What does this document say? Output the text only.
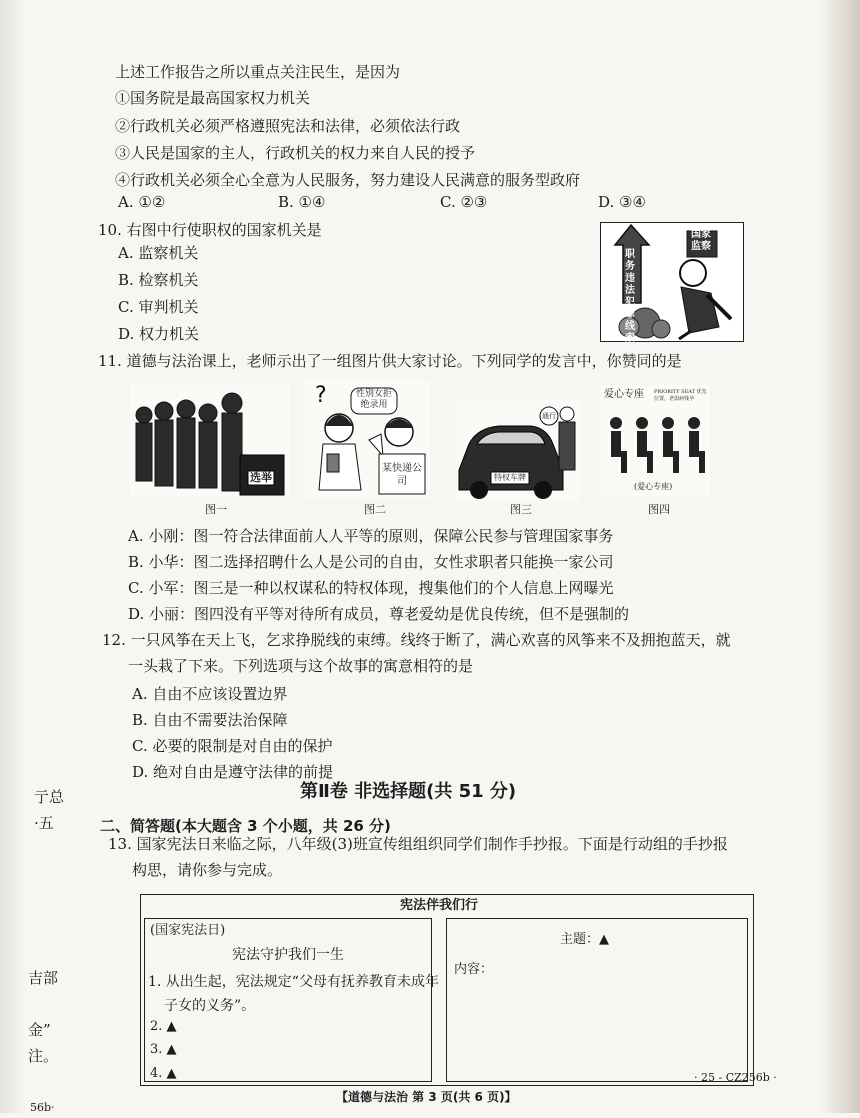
上述工作报告之所以重点关注民生，是因为
①国务院是最高国家权力机关
②行政机关必须严格遵照宪法和法律，必须依法行政
③人民是国家的主人，行政机关的权力来自人民的授予
④行政机关必须全心全意为人民服务，努力建设人民满意的服务型政府
A. ①②	B. ①④	C. ②③	D. ③④
10. 右图中行使职权的国家机关是
A. 监察机关
B. 检察机关
C. 审判机关
D. 权力机关
职务违法犯罪线索
国家监察
11. 道德与法治课上，老师示出了一组图片供大家讨论。下列同学的发言中，你赞同的是
选举
?	性别女拒绝录用
某快递公司	特权车牌
通行
爱心专座 PRIORITY SEAT 优先位置，老弱病残孕
(爱心专座)
图一	图二	图三	图四
A. 小刚：图一符合法律面前人人平等的原则，保障公民参与管理国家事务
B. 小华：图二选择招聘什么人是公司的自由，女性求职者只能换一家公司
C. 小军：图三是一种以权谋私的特权体现，搜集他们的个人信息上网曝光
D. 小丽：图四没有平等对待所有成员，尊老爱幼是优良传统，但不是强制的
12. 一只风筝在天上飞，乞求挣脱线的束缚。线终于断了，满心欢喜的风筝来不及拥抱蓝天，就
一头栽了下来。下列选项与这个故事的寓意相符的是
A. 自由不应该设置边界
B. 自由不需要法治保障
C. 必要的限制是对自由的保护
D. 绝对自由是遵守法律的前提
第Ⅱ卷 非选择题(共 51 分)
二、简答题(本大题含 3 个小题，共 26 分)
13. 国家宪法日来临之际，八年级(3)班宣传组组织同学们制作手抄报。下面是行动组的手抄报
构思，请你参与完成。
宪法伴我们行
(国家宪法日)
宪法守护我们一生
1. 从出生起，宪法规定“父母有抚养教育未成年
子女的义务”。
2. ▲
3. ▲
4. ▲
主题：▲
内容：
亍总
·五
吉部
金”
注。
56b·
【道德与法治 第 3 页(共 6 页)】
· 25 - CZ256b ·
